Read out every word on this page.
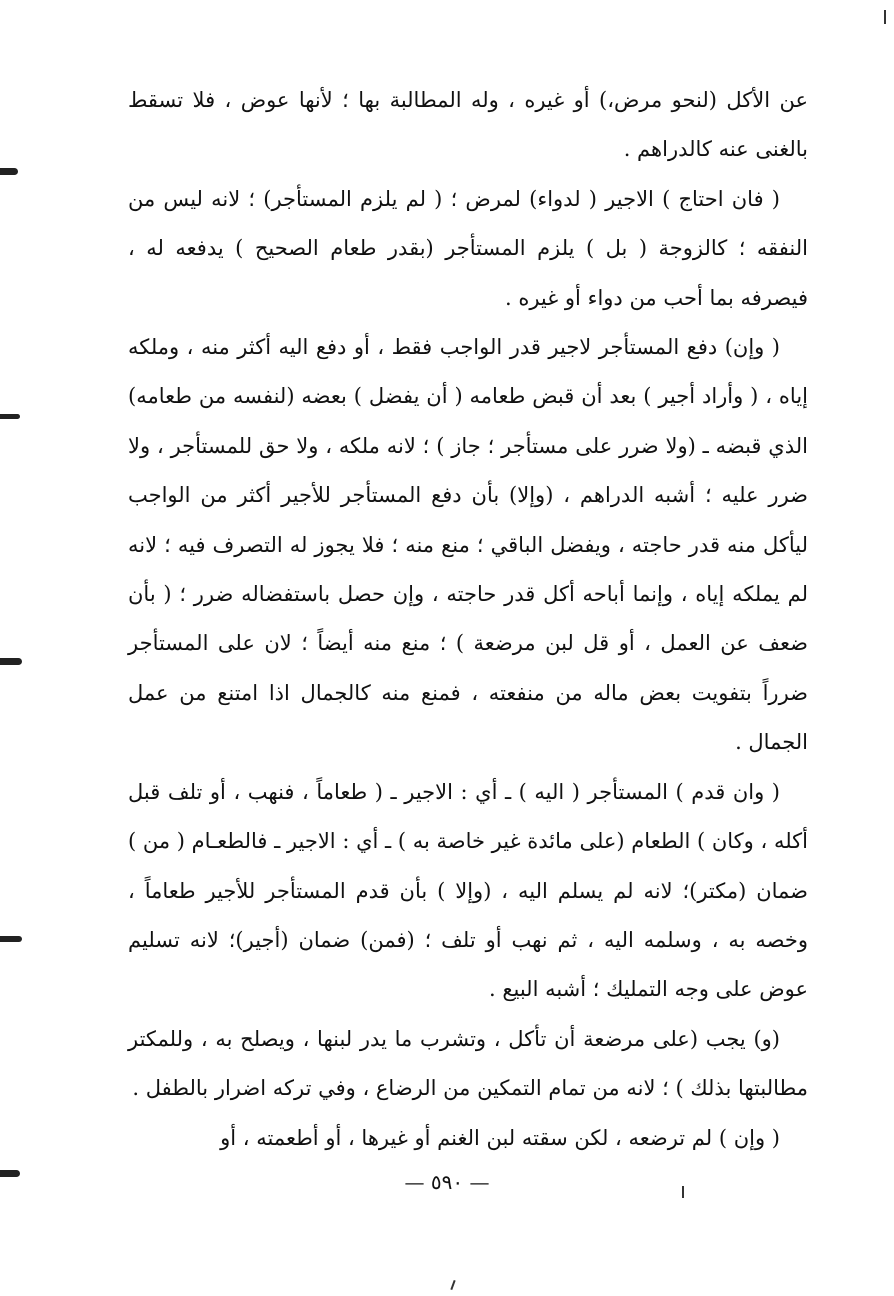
عن الأكل (لنحو مرض،) أو غيره ، وله المطالبة بها ؛ لأنها عوض ، فلا تسقط بالغنى عنه كالدراهم .

( فان احتاج ) الاجير ( لدواء) لمرض ؛ ( لم يلزم المستأجر) ؛ لانه ليس من النفقه ؛ كالزوجة ( بل ) يلزم المستأجر (بقدر طعام الصحيح ) يدفعه له ، فيصرفه بما أحب من دواء أو غيره .

( وإن) دفع المستأجر لاجير قدر الواجب فقط ، أو دفع اليه أكثر منه ، وملكه إياه ، ( وأراد أجير ) بعد أن قبض طعامه ( أن يفضل ) بعضه (لنفسه من طعامه) الذي قبضه ـ (ولا ضرر على مستأجر ؛ جاز ) ؛ لانه ملكه ، ولا حق للمستأجر ، ولا ضرر عليه ؛ أشبه الدراهم ، (وإلا) بأن دفع المستأجر للأجير أكثر من الواجب ليأكل منه قدر حاجته ، ويفضل الباقي ؛ منع منه ؛ فلا يجوز له التصرف فيه ؛ لانه لم يملكه إياه ، وإنما أباحه أكل قدر حاجته ، وإن حصل باستفضاله ضرر ؛ ( بأن ضعف عن العمل ، أو قل لبن مرضعة ) ؛ منع منه أيضاً ؛ لان على المستأجر ضرراً بتفويت بعض ماله من منفعته ، فمنع منه كالجمال اذا امتنع من عمل الجمال .

( وان قدم ) المستأجر ( اليه ) ـ أي : الاجير ـ ( طعاماً ، فنهب ، أو تلف قبل أكله ، وكان ) الطعام (على مائدة غير خاصة به ) ـ أي : الاجير ـ فالطعـام ( من ) ضمان (مكتر)؛ لانه لم يسلم اليه ، (وإلا ) بأن قدم المستأجر للأجير طعاماً ، وخصه به ، وسلمه اليه ، ثم نهب أو تلف ؛ (فمن) ضمان (أجير)؛ لانه تسليم عوض على وجه التمليك ؛ أشبه البيع .

(و) يجب (على مرضعة أن تأكل ، وتشرب ما يدر لبنها ، ويصلح به ، وللمكتر مطالبتها بذلك ) ؛ لانه من تمام التمكين من الرضاع ، وفي تركه اضرار بالطفل .

( وإن ) لم ترضعه ، لكن سقته لبن الغنم أو غيرها ، أو أطعمته ، أو

— ٥٩٠ —
